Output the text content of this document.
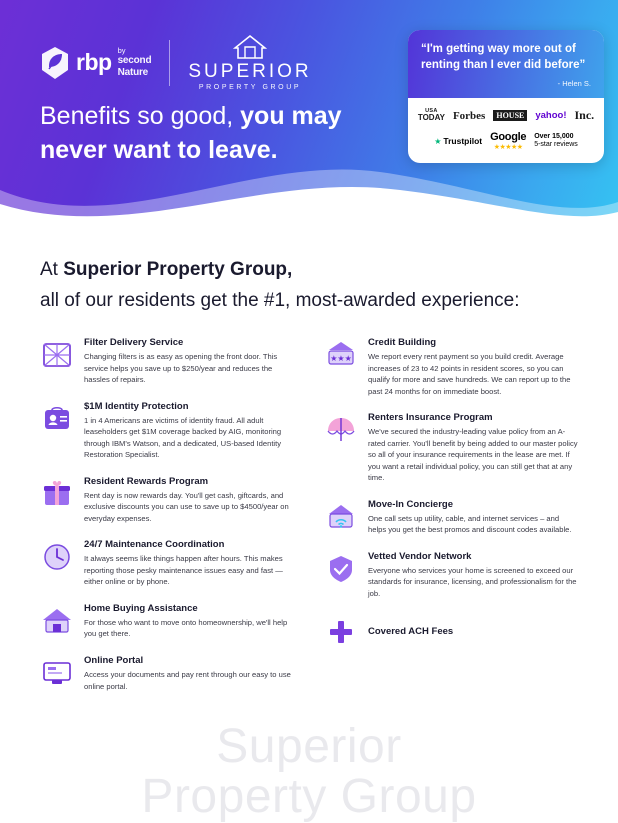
rbp by
second
Nature SUPERIOR
PROPERTY GROUP
Benefits so good, you may
never want to leave.
“I'm getting way more out of renting than I ever did before”
- Helen S.
USA
TODAY Forbes	HOUSE	yahoo! Inc.
★ Trustpilot Google
★★★★★
Over 15,000
5-star reviews
At Superior Property Group,
all of our residents get the #1, most-awarded experience:
Superior
Property Group

Filter Delivery Service

Changing filters is as easy as opening the front door. This service helps you save up to $250/year and reduces the hassles of repairs.

$1M Identity Protection

1 in 4 Americans are victims of identity fraud. All adult leaseholders get $1M coverage backed by AIG, monitoring through IBM's Watson, and a dedicated, US-based Identity Restoration Specialist.

Resident Rewards Program

Rent day is now rewards day. You'll get cash, giftcards, and exclusive discounts you can use to save up to $4500/year on everyday expenses.

24/7 Maintenance Coordination

It always seems like things happen after hours. This makes reporting those pesky maintenance issues easy and fast — either online or by phone.

Home Buying Assistance

For those who want to move onto homeownership, we'll help you get there.

Online Portal

Access your documents and pay rent through our easy to use online portal.

★★★

Credit Building

We report every rent payment so you build credit. Average increases of 23 to 42 points in resident scores, so you can qualify for more and save hundreds. We can report up to the past 24 months for on immediate boost.

Renters Insurance Program

We've secured the industry-leading value policy from an A-rated carrier. You'll benefit by being added to our master policy so all of your insurance requirements in the lease are met. If you want a retail individual policy, you can still get that at any time.

Move-In Concierge

One call sets up utility, cable, and internet services – and helps you get the best promos and discount codes available.

Vetted Vendor Network

Everyone who services your home is screened to exceed our standards for insurance, licensing, and professionalism for the job.

Covered ACH Fees
